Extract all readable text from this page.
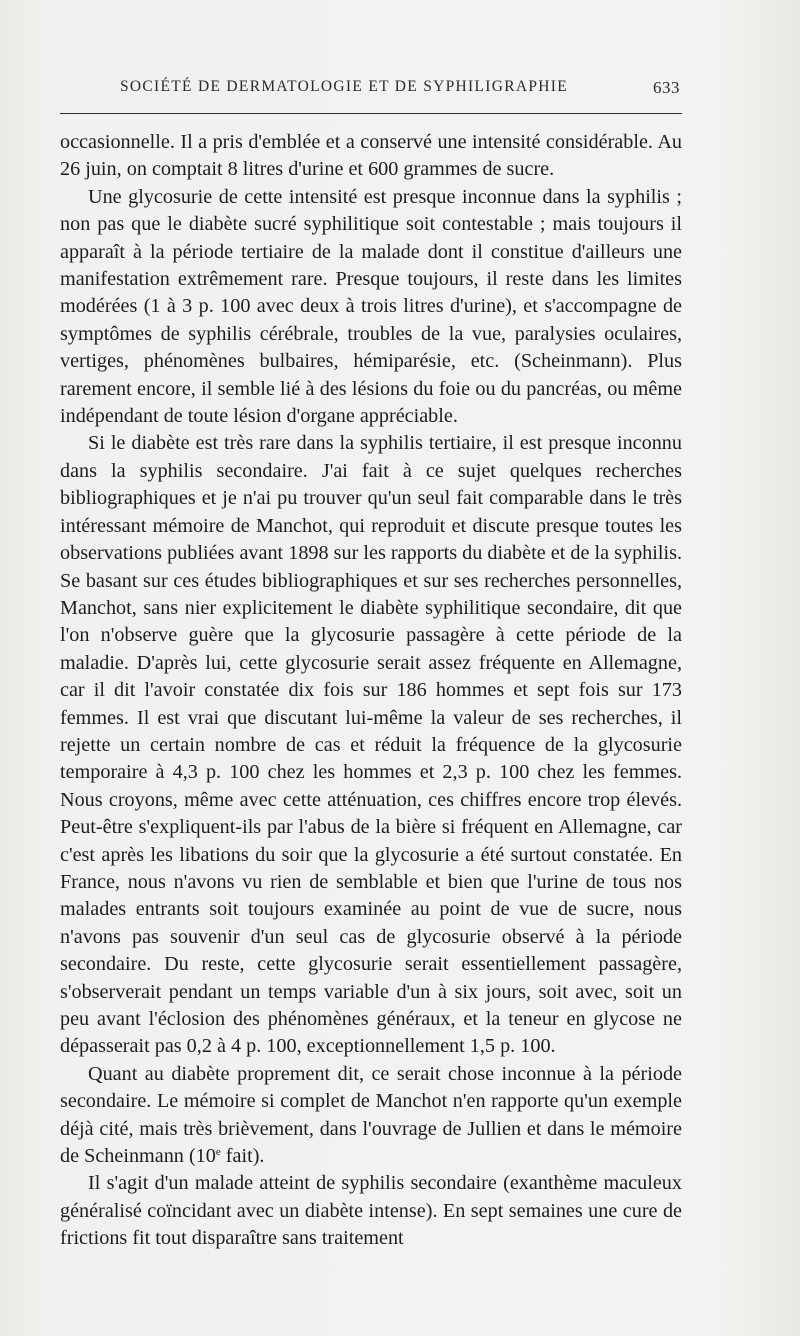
SOCIÉTÉ DE DERMATOLOGIE ET DE SYPHILIGRAPHIE	633

occasionnelle. Il a pris d'emblée et a conservé une intensité considérable. Au 26 juin, on comptait 8 litres d'urine et 600 grammes de sucre.

Une glycosurie de cette intensité est presque inconnue dans la syphilis ; non pas que le diabète sucré syphilitique soit contestable ; mais toujours il apparaît à la période tertiaire de la malade dont il constitue d'ailleurs une manifestation extrêmement rare. Presque toujours, il reste dans les limites modérées (1 à 3 p. 100 avec deux à trois litres d'urine), et s'accompagne de symptômes de syphilis cérébrale, troubles de la vue, paralysies oculaires, vertiges, phénomènes bulbaires, hémiparésie, etc. (Scheinmann). Plus rarement encore, il semble lié à des lésions du foie ou du pancréas, ou même indépendant de toute lésion d'organe appréciable.

Si le diabète est très rare dans la syphilis tertiaire, il est presque inconnu dans la syphilis secondaire. J'ai fait à ce sujet quelques recherches bibliographiques et je n'ai pu trouver qu'un seul fait comparable dans le très intéressant mémoire de Manchot, qui reproduit et discute presque toutes les observations publiées avant 1898 sur les rapports du diabète et de la syphilis. Se basant sur ces études bibliographiques et sur ses recherches personnelles, Manchot, sans nier explicitement le diabète syphilitique secondaire, dit que l'on n'observe guère que la glycosurie passagère à cette période de la maladie. D'après lui, cette glycosurie serait assez fréquente en Allemagne, car il dit l'avoir constatée dix fois sur 186 hommes et sept fois sur 173 femmes. Il est vrai que discutant lui-même la valeur de ses recherches, il rejette un certain nombre de cas et réduit la fréquence de la glycosurie temporaire à 4,3 p. 100 chez les hommes et 2,3 p. 100 chez les femmes. Nous croyons, même avec cette atténuation, ces chiffres encore trop élevés. Peut-être s'expliquent-ils par l'abus de la bière si fréquent en Allemagne, car c'est après les libations du soir que la glycosurie a été surtout constatée. En France, nous n'avons vu rien de semblable et bien que l'urine de tous nos malades entrants soit toujours examinée au point de vue de sucre, nous n'avons pas souvenir d'un seul cas de glycosurie observé à la période secondaire. Du reste, cette glycosurie serait essentiellement passagère, s'observerait pendant un temps variable d'un à six jours, soit avec, soit un peu avant l'éclosion des phénomènes généraux, et la teneur en glycose ne dépasserait pas 0,2 à 4 p. 100, exceptionnellement 1,5 p. 100.

Quant au diabète proprement dit, ce serait chose inconnue à la période secondaire. Le mémoire si complet de Manchot n'en rapporte qu'un exemple déjà cité, mais très brièvement, dans l'ouvrage de Jullien et dans le mémoire de Scheinmann (10e fait).

Il s'agit d'un malade atteint de syphilis secondaire (exanthème maculeux généralisé coïncidant avec un diabète intense). En sept semaines une cure de frictions fit tout disparaître sans traitement
